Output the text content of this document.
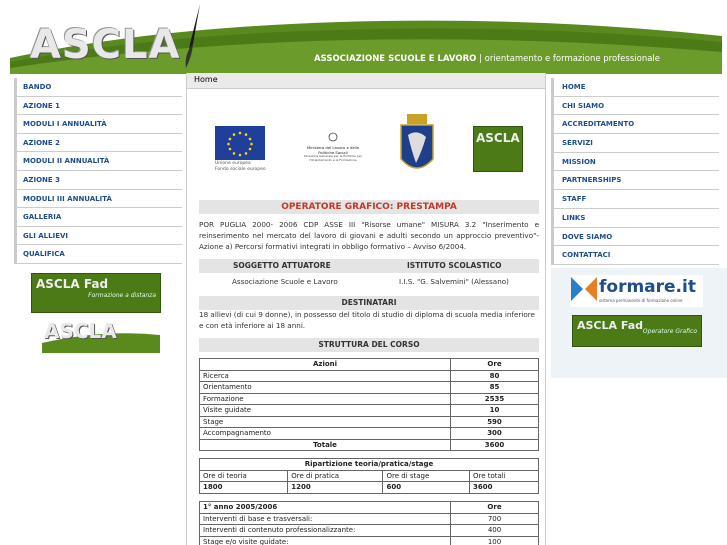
ASCLA	ASSOCIAZIONE SCUOLE E LAVORO | orientamento e formazione professionale
BANDO
AZIONE 1
MODULI I ANNUALITÀ
AZIONE 2
MODULI II ANNUALITÀ
AZIONE 3
MODULI III ANNUALITÀ
GALLERIA
GLI ALLIEVI
QUALIFICA
ASCLA Fad
Formazione a distanza
ASCLA
Home
Unione europea
Fondo sociale europeo
Ministero del Lavoro e delle Politiche Sociali
Direzione Generale per le Politiche per l'Orientamento e la Formazione
ASCLA
OPERATORE GRAFICO: PRESTAMPA
POR PUGLIA 2000- 2006 CDP ASSE III "Risorse umane" MISURA 3.2 "Inserimento e reinserimento nel mercato del lavoro di giovani e adulti secondo un approccio preventivo"- Azione a) Percorsi formativi integrati in obbligo formativo – Avviso 6/2004.
SOGGETTO ATTUATORE	ISTITUTO SCOLASTICO
Associazione Scuole e Lavoro	I.I.S. "G. Salvemini" (Alessano)
DESTINATARI
18 allievi (di cui 9 donne), in possesso del titolo di studio di diploma di scuola media inferiore e con età inferiore ai 18 anni.
STRUTTURA DEL CORSO
Azioni	Ore
Ricerca	80
Orientamento	85
Formazione	2535
Visite guidate	10
Stage	590
Accompagnamento	300
Totale	3600
Ripartizione teoria/pratica/stage			
Ore di teoria	Ore di pratica	Ore di stage	Ore totali
1800	1200	600	3600
1° anno 2005/2006	Ore
Interventi di base e trasversali:	700
Interventi di contenuto professionalizzante:	400
Stage e/o visite guidate:	100
HOME
CHI SIAMO
ACCREDITAMENTO
SERVIZI
MISSION
PARTNERSHIPS
STAFF
LINKS
DOVE SIAMO
CONTATTACI
formare.it
sistema permanente di formazione online
ASCLA Fad Operatore Grafico
